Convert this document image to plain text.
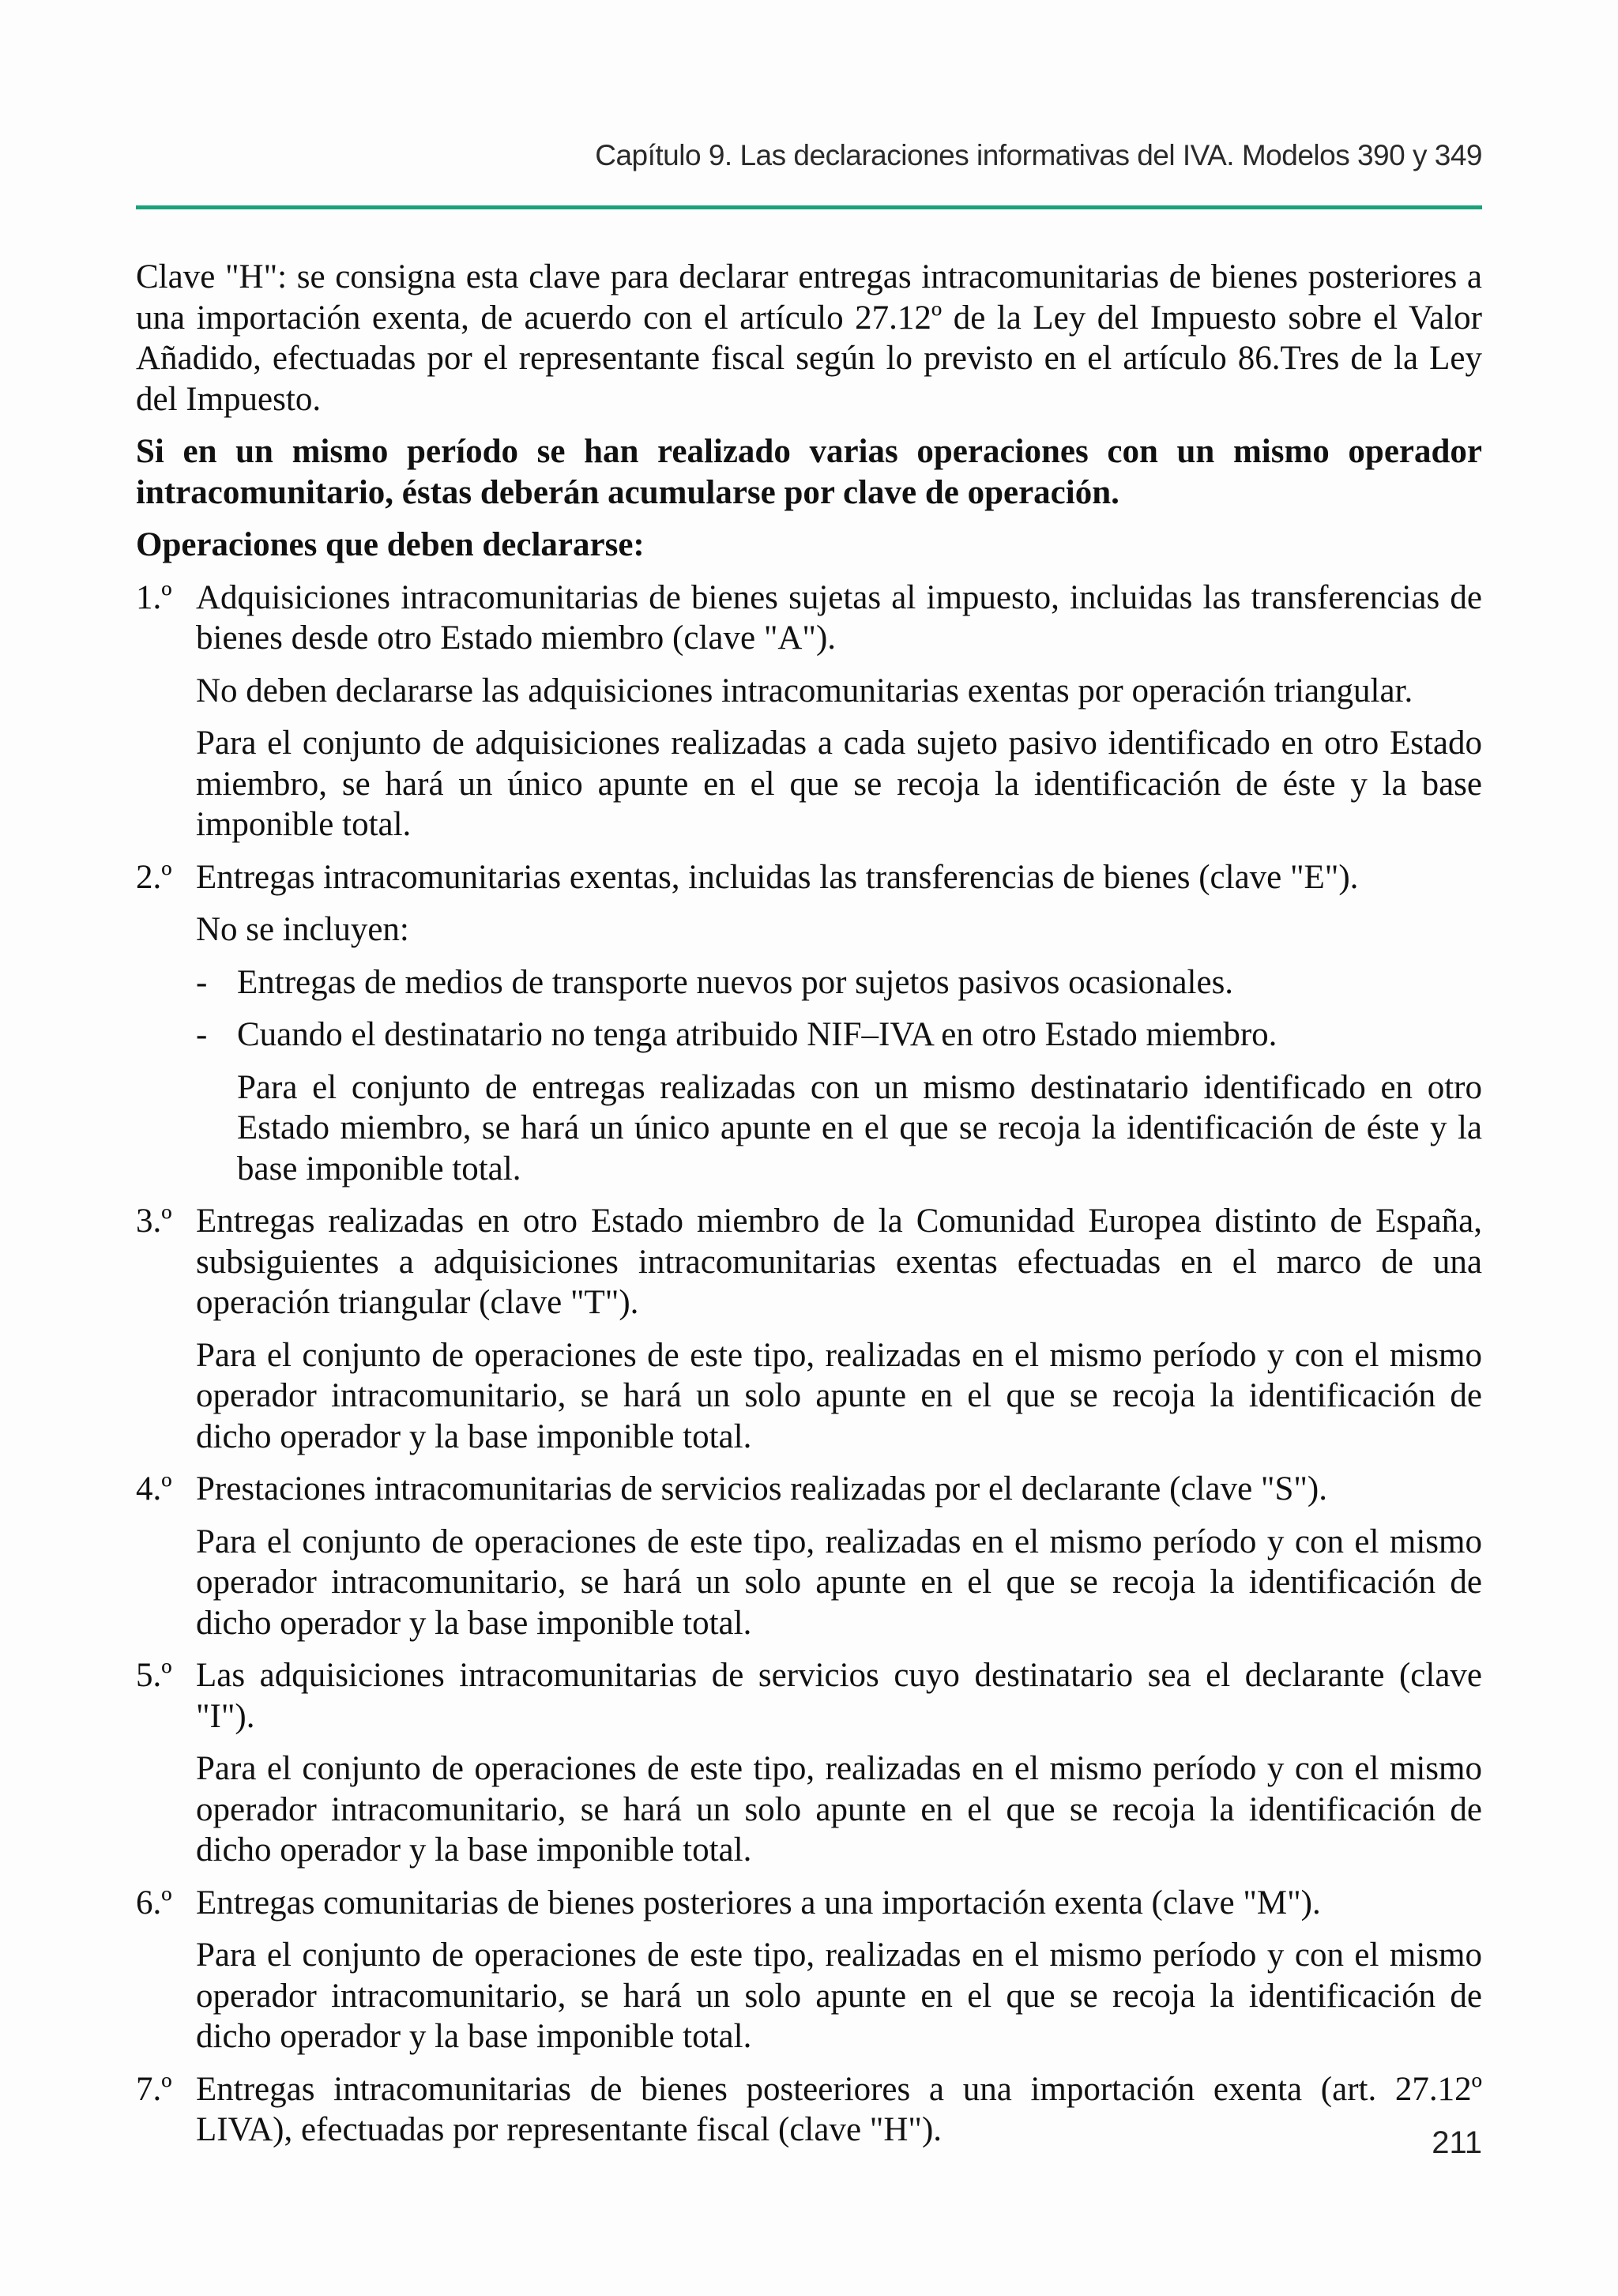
Capítulo 9. Las declaraciones informativas del IVA. Modelos 390 y 349

Clave "H": se consigna esta clave para declarar entregas intracomunitarias de bienes posteriores a una importación exenta, de acuerdo con el artículo 27.12º de la Ley del Impuesto sobre el Valor Añadido, efectuadas por el representante fiscal según lo previsto en el artículo 86.Tres de la Ley del Impuesto.

Si en un mismo período se han realizado varias operaciones con un mismo operador intracomunitario, éstas deberán acumularse por clave de operación.

Operaciones que deben declararse:

1.º Adquisiciones intracomunitarias de bienes sujetas al impuesto, incluidas las transferencias de bienes desde otro Estado miembro (clave "A").
No deben declararse las adquisiciones intracomunitarias exentas por operación triangular.
Para el conjunto de adquisiciones realizadas a cada sujeto pasivo identificado en otro Estado miembro, se hará un único apunte en el que se recoja la identificación de éste y la base imponible total.
2.º Entregas intracomunitarias exentas, incluidas las transferencias de bienes (clave "E").
No se incluyen:
- Entregas de medios de transporte nuevos por sujetos pasivos ocasionales.
- Cuando el destinatario no tenga atribuido NIF–IVA en otro Estado miembro.
Para el conjunto de entregas realizadas con un mismo destinatario identificado en otro Estado miembro, se hará un único apunte en el que se recoja la identificación de éste y la base imponible total.
3.º Entregas realizadas en otro Estado miembro de la Comunidad Europea distinto de España, subsiguientes a adquisiciones intracomunitarias exentas efectuadas en el marco de una operación triangular (clave "T").
Para el conjunto de operaciones de este tipo, realizadas en el mismo período y con el mismo operador intracomunitario, se hará un solo apunte en el que se recoja la identificación de dicho operador y la base imponible total.
4.º Prestaciones intracomunitarias de servicios realizadas por el declarante (clave "S").
Para el conjunto de operaciones de este tipo, realizadas en el mismo período y con el mismo operador intracomunitario, se hará un solo apunte en el que se recoja la identificación de dicho operador y la base imponible total.
5.º Las adquisiciones intracomunitarias de servicios cuyo destinatario sea el declarante (clave "I").
Para el conjunto de operaciones de este tipo, realizadas en el mismo período y con el mismo operador intracomunitario, se hará un solo apunte en el que se recoja la identificación de dicho operador y la base imponible total.
6.º Entregas comunitarias de bienes posteriores a una importación exenta (clave "M").
Para el conjunto de operaciones de este tipo, realizadas en el mismo período y con el mismo operador intracomunitario, se hará un solo apunte en el que se recoja la identificación de dicho operador y la base imponible total.
7.º Entregas intracomunitarias de bienes posteeriores a una importación exenta (art. 27.12º LIVA), efectuadas por representante fiscal (clave "H").	211
